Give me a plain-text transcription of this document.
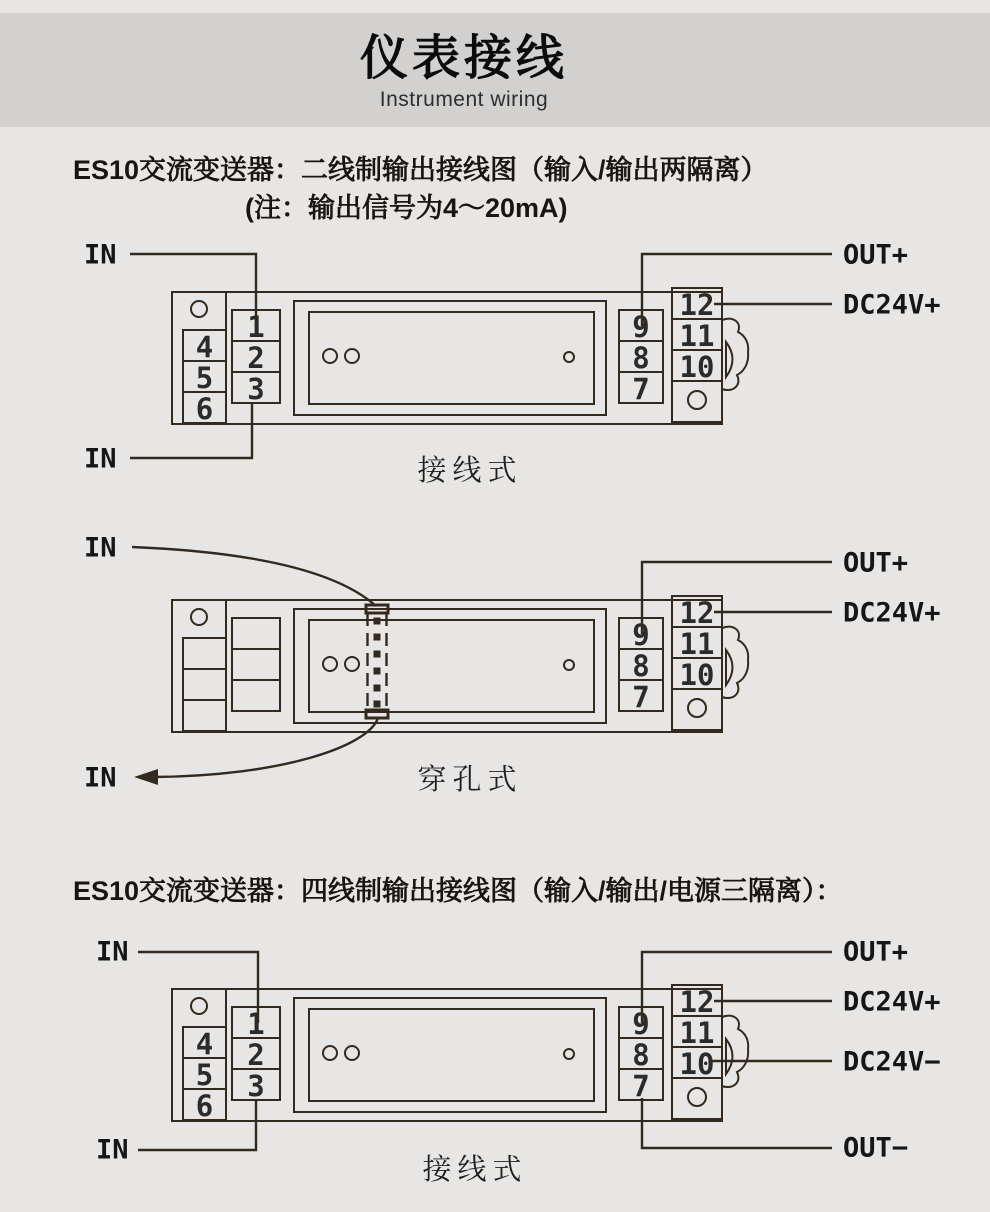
仪表接线
Instrument wiring
ES10交流变送器：二线制输出接线图（输入/输出两隔离）
(注：输出信号为4～20mA)
ES10交流变送器：四线制输出接线图（输入/输出/电源三隔离）：
4
1	9
5
2	8
6
3	7
12
11
10
IN
IN
OUT+
DC24V+
接线式
9
8
7
12
11
10
IN
IN
OUT+
DC24V+
穿孔式
4
1	9
5
2	8
6
3	7
12
11
10
IN
IN
OUT+
DC24V+
DC24V−
OUT−
接线式
